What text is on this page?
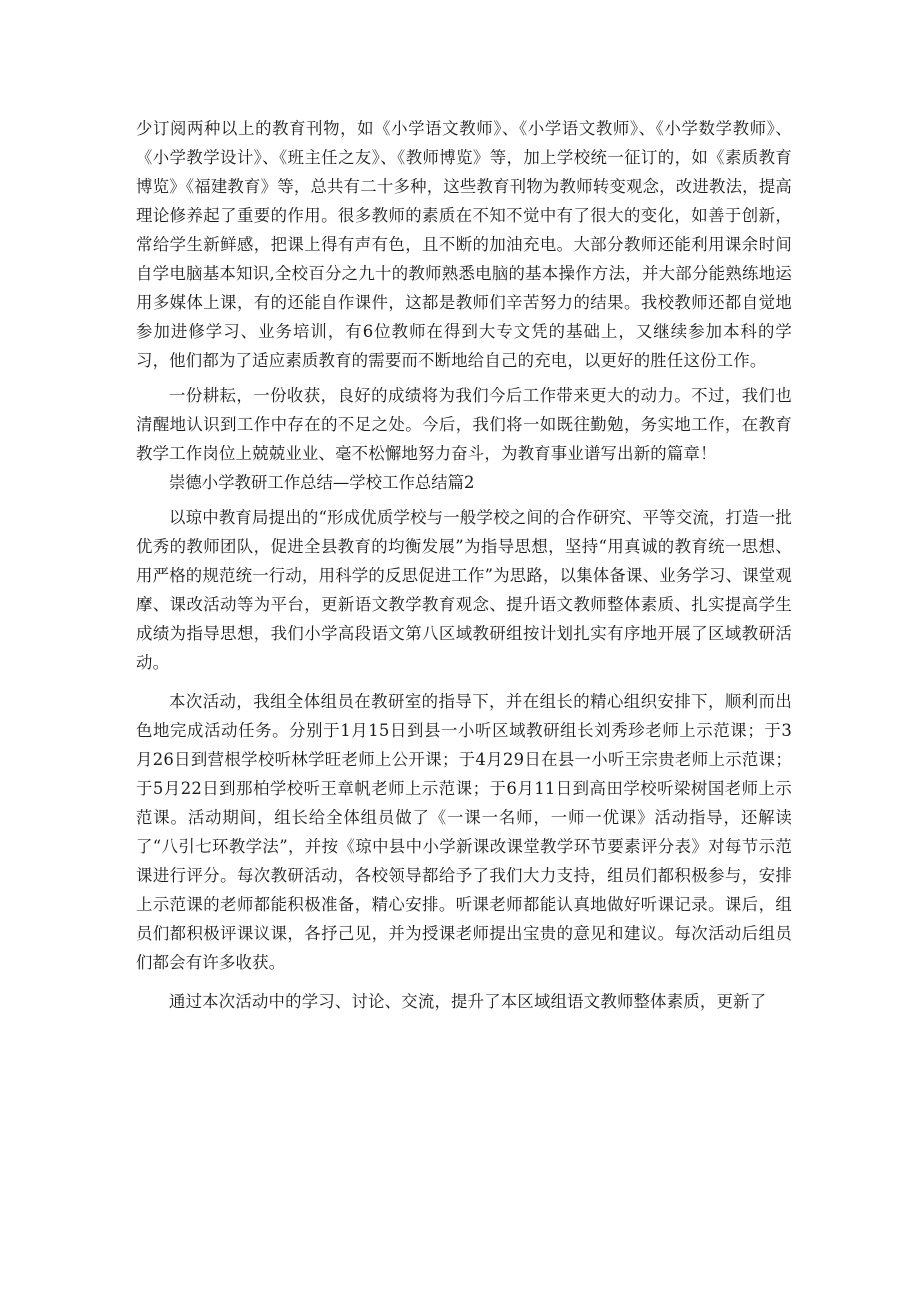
少订阅两种以上的教育刊物，如《小学语文教师》、《小学语文教师》、《小学数学教师》、《小学教学设计》、《班主任之友》、《教师博览》等，加上学校统一征订的，如《素质教育博览》《福建教育》等，总共有二十多种，这些教育刊物为教师转变观念，改进教法，提高理论修养起了重要的作用。很多教师的素质在不知不觉中有了很大的变化，如善于创新，常给学生新鲜感，把课上得有声有色，且不断的加油充电。大部分教师还能利用课余时间自学电脑基本知识,全校百分之九十的教师熟悉电脑的基本操作方法，并大部分能熟练地运用多媒体上课，有的还能自作课件，这都是教师们辛苦努力的结果。我校教师还都自觉地参加进修学习、业务培训，有6位教师在得到大专文凭的基础上，又继续参加本科的学习，他们都为了适应素质教育的需要而不断地给自己的充电，以更好的胜任这份工作。

一份耕耘，一份收获，良好的成绩将为我们今后工作带来更大的动力。不过，我们也清醒地认识到工作中存在的不足之处。今后，我们将一如既往勤勉，务实地工作，在教育教学工作岗位上兢兢业业、毫不松懈地努力奋斗，为教育事业谱写出新的篇章！

崇德小学教研工作总结—学校工作总结篇2

以琼中教育局提出的“形成优质学校与一般学校之间的合作研究、平等交流，打造一批优秀的教师团队，促进全县教育的均衡发展”为指导思想，坚持“用真诚的教育统一思想、用严格的规范统一行动，用科学的反思促进工作”为思路，以集体备课、业务学习、课堂观摩、课改活动等为平台，更新语文教学教育观念、提升语文教师整体素质、扎实提高学生成绩为指导思想，我们小学高段语文第八区域教研组按计划扎实有序地开展了区域教研活动。

本次活动，我组全体组员在教研室的指导下，并在组长的精心组织安排下，顺利而出色地完成活动任务。分别于1月15日到县一小听区域教研组长刘秀珍老师上示范课；于3月26日到营根学校听林学旺老师上公开课；于4月29日在县一小听王宗贵老师上示范课；于5月22日到那柏学校听王章帆老师上示范课；于6月11日到高田学校听梁树国老师上示范课。活动期间，组长给全体组员做了《一课一名师，一师一优课》活动指导，还解读了“八引七环教学法”，并按《琼中县中小学新课改课堂教学环节要素评分表》对每节示范课进行评分。每次教研活动，各校领导都给予了我们大力支持，组员们都积极参与，安排上示范课的老师都能积极准备，精心安排。听课老师都能认真地做好听课记录。课后，组员们都积极评课议课，各抒己见，并为授课老师提出宝贵的意见和建议。每次活动后组员们都会有许多收获。

通过本次活动中的学习、讨论、交流，提升了本区域组语文教师整体素质，更新了
